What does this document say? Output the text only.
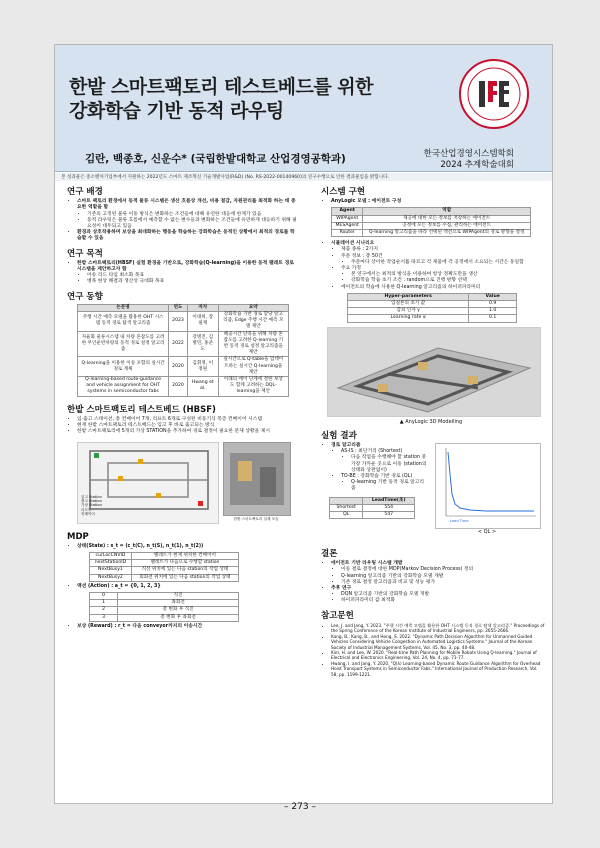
한밭 스마트팩토리 테스트베드를 위한
강화학습 기반 동적 라우팅
김란, 백종호, 신운수* (국립한밭대학교 산업경영공학과)	한국산업경영시스템학회
2024 추계학술대회
본 성과물은 중소벤처기업부에서 지원하는 2022년도 스마트 제조혁신 기술개발사업(R&D) (No. RS-2022-00140960)의 연구수행으로 인한 결과물임을 밝힙니다.
연구 배경
• 스마트 팩토리 환경에서 동적 물류 시스템은 생산 흐름상 개선, 비용 절감, 자원관리를 최적화 하는 데 중요한 역할을 함
• 기존의 고정된 물류 이동 방식은 변화하는 조건들에 대해 유연한 대응에 한계가 있음
• 동적 라우팅은 물류 흐름에서 예측할 수 없는 변수들과 변화하는 조건들에 유연하게 대응하기 위해 필요성이 대두되고 있음
• 환경과 상호작용하며 보상을 최대화하는 행동을 학습하는 강화학습은 동적인 상황에서 최적의 경로를 학습할 수 있음
연구 목적
• 한밭 스마트팩토리(HBSF) 실험 환경을 기반으로, 강화학습(Q-learning)을 이용한 동적 팰레트 경로 시스템을 제안하고자 함
• 이송 리드 타임 최소화 목표
• 병목 현상 해결과 생산성 극대화 목표
연구 동향
논문명	연도	저자	요약
주행 시간 예측 모델을 활용한 OHT 시스템 동적 경로 탐색 알고리즘	2023	이대희, 장필재	강화학습 기반 경로 할당 알고리즘, Edge 주행 시간 예측 모델 제안
자율화 물류시스템 내 차량 혼잡도를 고려한 무인운반차량의 동적 경로 설정 알고리즘	2022	강병진, 김병민, 홍준도	혜골시간 단축을 위해 차량 혼잡도를 고려한 Q-learning 기반 동적 경로 설정 알고리즘을 제안
Q-learning을 이용한 이송 포함의 실시간 경로 계획	2020	김휘정, 이정원	실시간으로 Q-table을 업데이트하는 실시간 Q-learning을 제안
Q-learning-based route-guidance and vehicle assignment for OHT systems in semiconductor fabs	2020	Hwang et al.	이례의 에이 단계에 결한 보상도 함께 고려하는 DQL-learning을 제안
한밭 스마트팩토리 테스트베드 (HBSF)
• 입·출고 스테이션, 총 컨베이어 7개, 리프트 6개로 구성된 비동기식 복층 컨베이어 시스템
• 현재 한밭 스마트팩토리 테스트베드는 입고 후 바로 출고되는 방식
• 한밭 스마트팩토리에 5개의 가상 STATION을 추가하여 경로 결정이 필요한 문제 상황을 제시
입고 Station
출고 Station
가상 Station
리프트
컨베이어
한밭 스마트팩토리 실제 모습
MDP
• 상태(State) : s_t = (c_t(C), n_t(S), n_t(1), n_t(2))
curLocCNVID	팰레트가 현재 위치한 컨베이어
nextStationID	팰레트가 다음으로 수행할 station
NextBusy1	직선 위치에 있는 다음 station의 작업 상태
NextBusy2	회화전 위치에 있는 다음 station의 작업 상태
• 액션 (Action) : a_t = {0, 1, 2, 3}
0	직진
1	좌회전
2	총 변화 후 직진
3	총 변화 후 좌회전
• 보상 (Reward) : r_t = 다음 conveyor까지의 이송시간
시스템 구현
• AnyLogic 모델 : 에이전트 구성
Agent	역할
WIPAgent	제공에 대한 모든 정보를 저장하는 에이전트
MESAgent	공정에 모든 정보를 수집, 관리하는 에이전트
Router	Q-learning 알고리즘을 따라 선택된 액션으로 WIPAgent의 경로 방향을 결정
• 시뮬레이션 시나리오
• 제품 종류 : 2가지
• 주문 정보 : 총 50건
• 주문마다 상이한 작업순서를 따르고 각 제품에 각 공정에서 소요되는 시간은 동일함
• 주요 가정
• 본 연구에서는 최적의 방식을 이용하여 항상 정확도만을 생산
• 강화학습 학습 초기 조건 : random으로 진행 방향 선택
• 에이전트의 학습에 사용한 Q-learning 알고리즘의 하이퍼파라미터
Hyper-parameters	Value
입실론의 초기 값	0.9
감쇠 인자 γ	1.0
Learning rate α	0.1
▲ AnyLogic 3D Modelling
실험 결과
• 경로 알고리즘
• AS-IS : 최단거리 (Shortest)
• 다음 작업을 수행해야 할 station 중 가장 가까운 곳으로 이동 (station의 상태와 상관없이)
• TO-BE : 강화학습 기반 경로 (QL)
• Q-learning 기반 동적 경로 알고리즘
	LeadTime(초)
Shortest	554
QL	547
Lead Time
< QL >
결론
• 에이전트 기반 라우팅 시스템 개발
• 이동 결로 결정에 대한 MDP(Markov Decision Process) 정의
• Q-learning 알고리즘 기반의 강화학습 모델 개발
• 기존 경로 결정 알고리즘과 비교 및 성능 평가
• 추후 연구
• DQN 알고리즘 기반의 강화학습 모델 개발
• 하이퍼파라미터 값 최적화
참고문헌
• Lee, J. and Jang, Y. 2023. "주행 시간 예측 모델을 활용한 OHT 시스템 동적 경로 탐색 알고리즘." Proceedings of the Spring Conference of the Korean Institute of Industrial Engineers, pp. 2655-2666.
• Kang, B., Kang, B., and Hong, S. 2022. "Dynamic Path Decision Algorithm for Unmanned Guided Vehicles Considering Vehicle Congestion in Automated Logistics Systems." Journal of the Korean Society of Industrial Management Systems, Vol. 45, No. 3, pp. 40-48.
• Kim, H. and Lee, W. 2020. "Real-time Path Planning for Mobile Robots Using Q-learning." Journal of Electrical and Electronics Engineering, Vol. 24, No. 4, pp. 71-77.
• Hwang, I. and Jang, Y. 2020. "Q(λ) Learning-based Dynamic Route Guidance Algorithm for Overhead Hoist Transport Systems in Semiconductor Fabs." International Journal of Production Research, Vol. 58, pp. 1199-1221.
– 273 –
